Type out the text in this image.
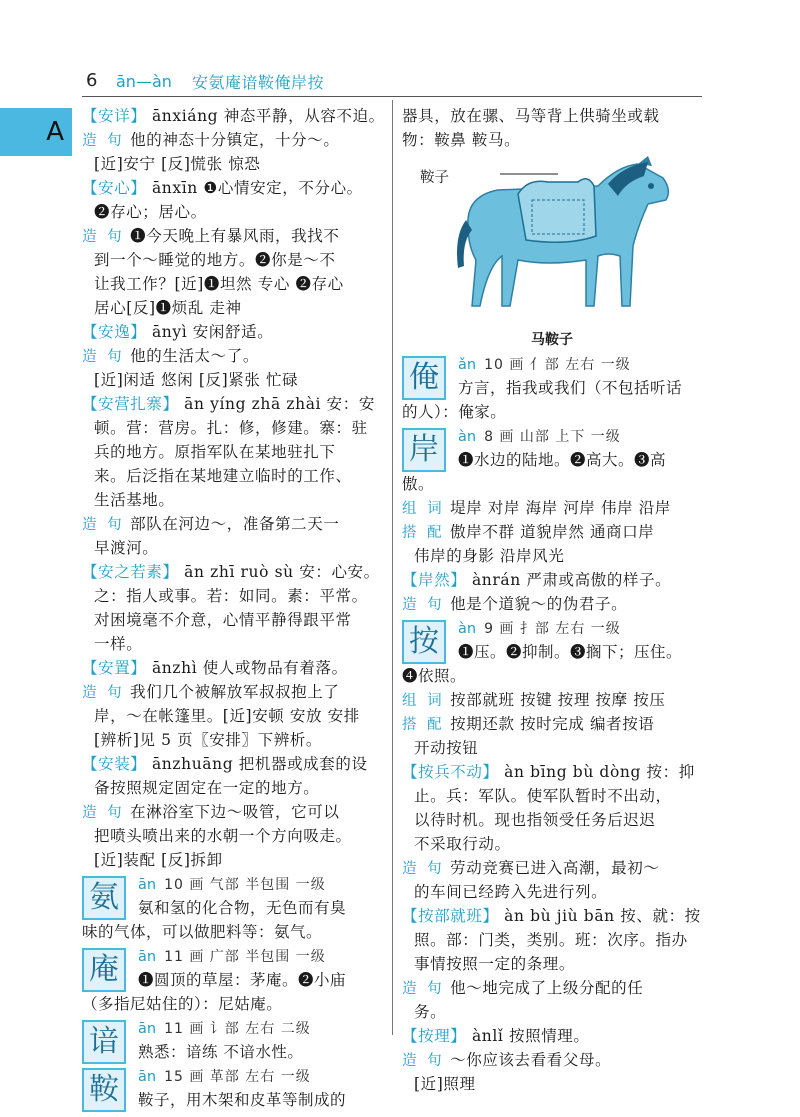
6 ān—àn 安氨庵谙鞍俺岸按
A
【安详】 ānxiáng 神态平静，从容不迫。
造 句 他的神态十分镇定，十分～。
[近]安宁 [反]慌张 惊恐
【安心】 ānxīn ❶心情安定，不分心。
❷存心；居心。
造 句 ❶今天晚上有暴风雨，我找不
到一个～睡觉的地方。❷你是～不
让我工作？[近]❶坦然 专心 ❷存心
居心[反]❶烦乱 走神
【安逸】 ānyì 安闲舒适。
造 句 他的生活太～了。
[近]闲适 悠闲 [反]紧张 忙碌
【安营扎寨】 ān yíng zhā zhài 安：安
顿。营：营房。扎：修，修建。寨：驻
兵的地方。原指军队在某地驻扎下
来。后泛指在某地建立临时的工作、
生活基地。
造 句 部队在河边～，准备第二天一
早渡河。
【安之若素】 ān zhī ruò sù 安：心安。
之：指人或事。若：如同。素：平常。
对困境毫不介意，心情平静得跟平常
一样。
【安置】 ānzhì 使人或物品有着落。
造 句 我们几个被解放军叔叔抱上了
岸，～在帐篷里。[近]安顿 安放 安排
[辨析]见 5 页〖安排〗下辨析。
【安装】 ānzhuāng 把机器或成套的设
备按照规定固定在一定的地方。
造 句 在淋浴室下边～吸管，它可以
把喷头喷出来的水朝一个方向吸走。
[近]装配 [反]拆卸
氨	ān 10 画 气部 半包围 一级
氨和氢的化合物，无色而有臭
味的气体，可以做肥料等：氨气。
庵	ān 11 画 广部 半包围 一级
❶圆顶的草屋：茅庵。❷小庙
（多指尼姑住的）：尼姑庵。
谙	ān 11 画 讠部 左右 二级
熟悉：谙练 不谙水性。
鞍	ān 15 画 革部 左右 一级
鞍子，用木架和皮革等制成的
器具，放在骡、马等背上供骑坐或载
物：鞍鼻 鞍马。
鞍子
马鞍子
俺	ǎn 10 画 亻部 左右 一级
方言，指我或我们（不包括听话
的人）：俺家。
岸	àn 8 画 山部 上下 一级
❶水边的陆地。❷高大。❸高
傲。
组 词 堤岸 对岸 海岸 河岸 伟岸 沿岸
搭 配 傲岸不群 道貌岸然 通商口岸
伟岸的身影 沿岸风光
【岸然】 ànrán 严肃或高傲的样子。
造 句 他是个道貌～的伪君子。
按	àn 9 画 扌部 左右 一级
❶压。❷抑制。❸搁下；压住。
❹依照。
组 词 按部就班 按键 按理 按摩 按压
搭 配 按期还款 按时完成 编者按语
开动按钮
【按兵不动】 àn bīng bù dòng 按：抑
止。兵：军队。使军队暂时不出动，
以待时机。现也指领受任务后迟迟
不采取行动。
造 句 劳动竞赛已进入高潮，最初～
的车间已经跨入先进行列。
【按部就班】 àn bù jiù bān 按、就：按
照。部：门类，类别。班：次序。指办
事情按照一定的条理。
造 句 他～地完成了上级分配的任
务。
【按理】 ànlǐ 按照情理。
造 句 ～你应该去看看父母。
[近]照理
